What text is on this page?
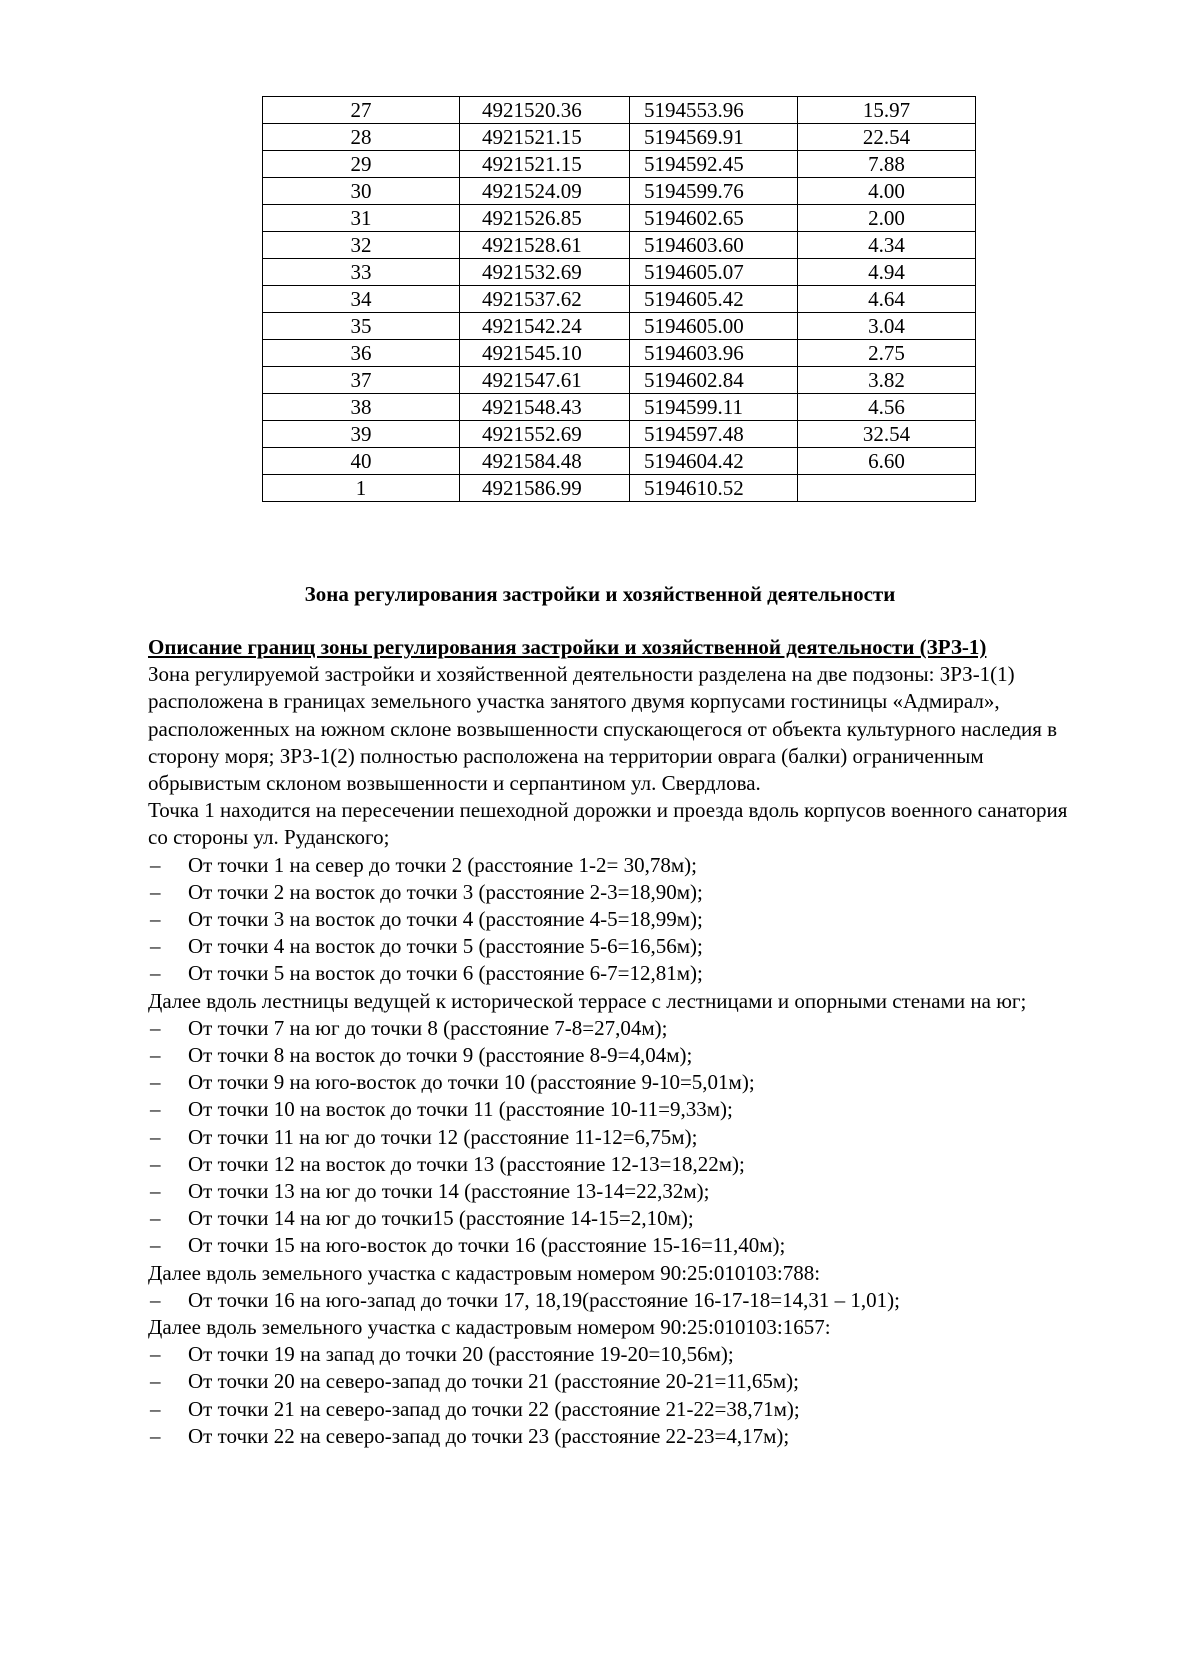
27	4921520.36	5194553.96	15.97
28	4921521.15	5194569.91	22.54
29	4921521.15	5194592.45	7.88
30	4921524.09	5194599.76	4.00
31	4921526.85	5194602.65	2.00
32	4921528.61	5194603.60	4.34
33	4921532.69	5194605.07	4.94
34	4921537.62	5194605.42	4.64
35	4921542.24	5194605.00	3.04
36	4921545.10	5194603.96	2.75
37	4921547.61	5194602.84	3.82
38	4921548.43	5194599.11	4.56
39	4921552.69	5194597.48	32.54
40	4921584.48	5194604.42	6.60
1	4921586.99	5194610.52	
Зона регулирования застройки и хозяйственной деятельности
Описание границ зоны регулирования застройки и хозяйственной деятельности (ЗРЗ-1)

Зона регулируемой застройки и хозяйственной деятельности разделена на две подзоны: ЗРЗ-1(1) расположена в границах земельного участка занятого двумя корпусами гостиницы «Адмирал», расположенных на южном склоне возвышенности спускающегося от объекта культурного наследия в сторону моря; ЗРЗ-1(2) полностью расположена на территории оврага (балки) ограниченным обрывистым склоном возвышенности и серпантином ул. Свердлова.

Точка 1 находится на пересечении пешеходной дорожки и проезда вдоль корпусов военного санатория со стороны ул. Руданского;

– От точки 1 на север до точки 2 (расстояние 1-2= 30,78м);
– От точки 2 на восток до точки 3 (расстояние 2-3=18,90м);
– От точки 3 на восток до точки 4 (расстояние 4-5=18,99м);
– От точки 4 на восток до точки 5 (расстояние 5-6=16,56м);
– От точки 5 на восток до точки 6 (расстояние 6-7=12,81м);

Далее вдоль лестницы ведущей к исторической террасе с лестницами и опорными стенами на юг;

– От точки 7 на юг до точки 8 (расстояние 7-8=27,04м);
– От точки 8 на восток до точки 9 (расстояние 8-9=4,04м);
– От точки 9 на юго-восток до точки 10 (расстояние 9-10=5,01м);
– От точки 10 на восток до точки 11 (расстояние 10-11=9,33м);
– От точки 11 на юг до точки 12 (расстояние 11-12=6,75м);
– От точки 12 на восток до точки 13 (расстояние 12-13=18,22м);
– От точки 13 на юг до точки 14 (расстояние 13-14=22,32м);
– От точки 14 на юг до точки15 (расстояние 14-15=2,10м);
– От точки 15 на юго-восток до точки 16 (расстояние 15-16=11,40м);

Далее вдоль земельного участка с кадастровым номером 90:25:010103:788:

– От точки 16 на юго-запад до точки 17, 18,19(расстояние 16-17-18=14,31 – 1,01);

Далее вдоль земельного участка с кадастровым номером 90:25:010103:1657:

– От точки 19 на запад до точки 20 (расстояние 19-20=10,56м);
– От точки 20 на северо-запад до точки 21 (расстояние 20-21=11,65м);
– От точки 21 на северо-запад до точки 22 (расстояние 21-22=38,71м);
– От точки 22 на северо-запад до точки 23 (расстояние 22-23=4,17м);
